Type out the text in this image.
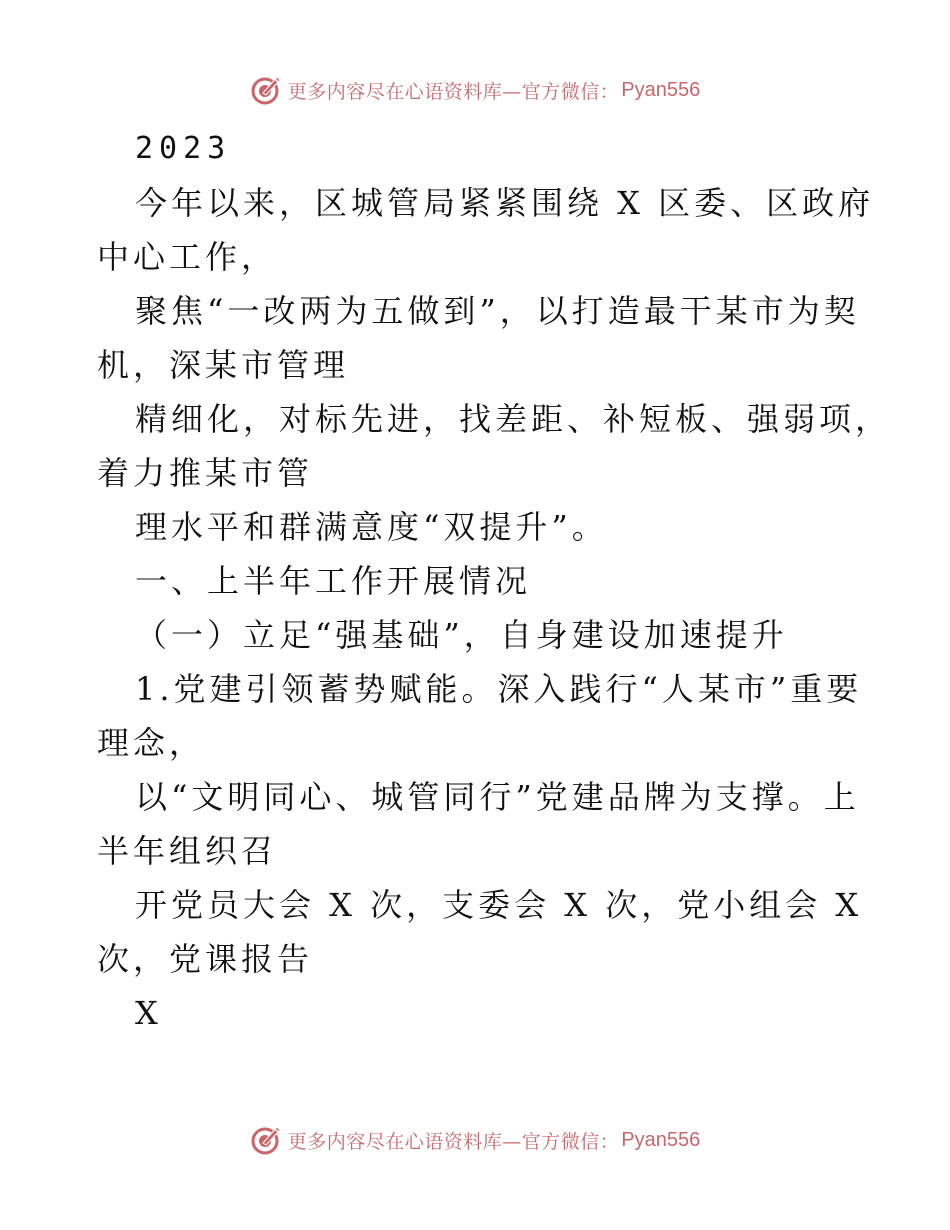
更多内容尽在心语资料库—官方微信： Pyan556
2023
今年以来，区城管局紧紧围绕 X 区委、区政府
中心工作，
聚焦“一改两为五做到”，以打造最干某市为契
机，深某市管理
精细化，对标先进，找差距、补短板、强弱项，
着力推某市管
理水平和群满意度“双提升”。
一、上半年工作开展情况
（一）立足“强基础”，自身建设加速提升
1.党建引领蓄势赋能。深入践行“人某市”重要
理念，
以“文明同心、城管同行”党建品牌为支撑。上
半年组织召
开党员大会 X 次，支委会 X 次，党小组会 X
次，党课报告
X
更多内容尽在心语资料库—官方微信： Pyan556
